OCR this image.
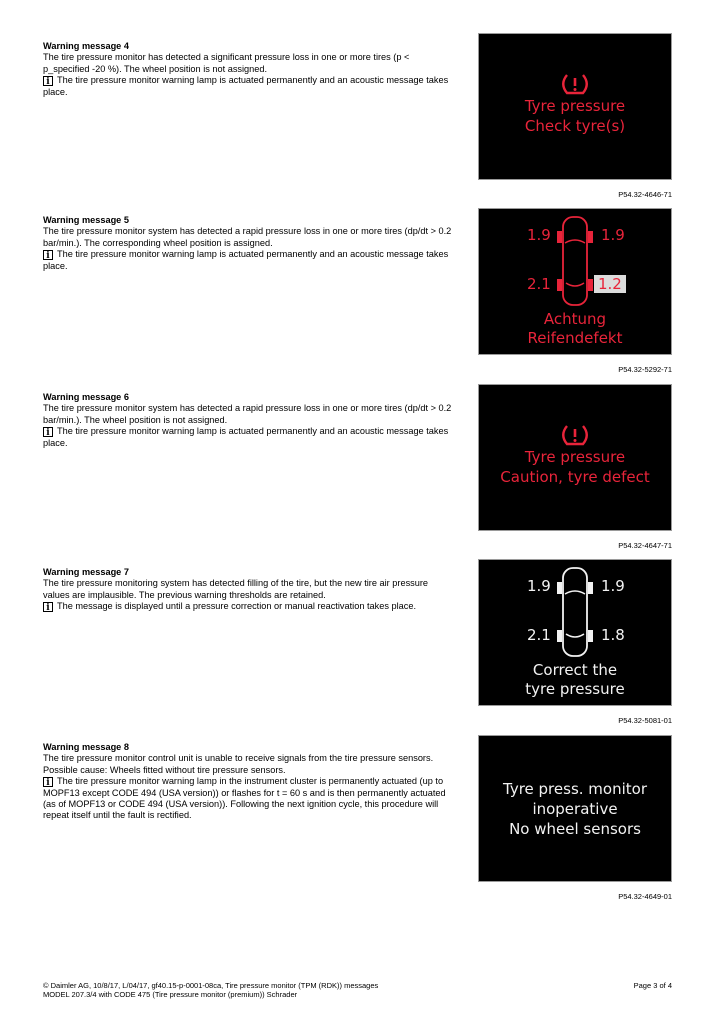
Warning message 4
The tire pressure monitor has detected a significant pressure loss in one or more tires (p < p_specified -20 %). The wheel position is not assigned.
i The tire pressure monitor warning lamp is actuated permanently and an acoustic message takes place.
Tyre pressure
Check tyre(s)
P54.32-4646-71
Warning message 5
The tire pressure monitor system has detected a rapid pressure loss in one or more tires (dp/dt > 0.2 bar/min.). The corresponding wheel position is assigned.
i The tire pressure monitor warning lamp is actuated permanently and an acoustic message takes place.
1.9	1.9
2.1	1.2
Achtung
Reifendefekt
P54.32-5292-71
Warning message 6
The tire pressure monitor system has detected a rapid pressure loss in one or more tires (dp/dt > 0.2 bar/min.). The wheel position is not assigned.
i The tire pressure monitor warning lamp is actuated permanently and an acoustic message takes place.
Tyre pressure
Caution, tyre defect
P54.32-4647-71
Warning message 7
The tire pressure monitoring system has detected filling of the tire, but the new tire air pressure values are implausible. The previous warning thresholds are retained.
i The message is displayed until a pressure correction or manual reactivation takes place.
1.9	1.9
2.1	1.8
Correct the
tyre pressure
P54.32-5081-01
Warning message 8
The tire pressure monitor control unit is unable to receive signals from the tire pressure sensors.
Possible cause: Wheels fitted without tire pressure sensors.
i The tire pressure monitor warning lamp in the instrument cluster is permanently actuated (up to MOPF13 except CODE 494 (USA version)) or flashes for t = 60 s and is then permanently actuated (as of MOPF13 or CODE 494 (USA version)). Following the next ignition cycle, this procedure will repeat itself until the fault is rectified.
Tyre press. monitor
inoperative
No wheel sensors
P54.32-4649-01
© Daimler AG, 10/8/17, L/04/17, gf40.15-p-0001-08ca, Tire pressure monitor (TPM (RDK)) messages
MODEL 207.3/4 with CODE 475 (Tire pressure monitor (premium)) Schrader
Page 3 of 4
